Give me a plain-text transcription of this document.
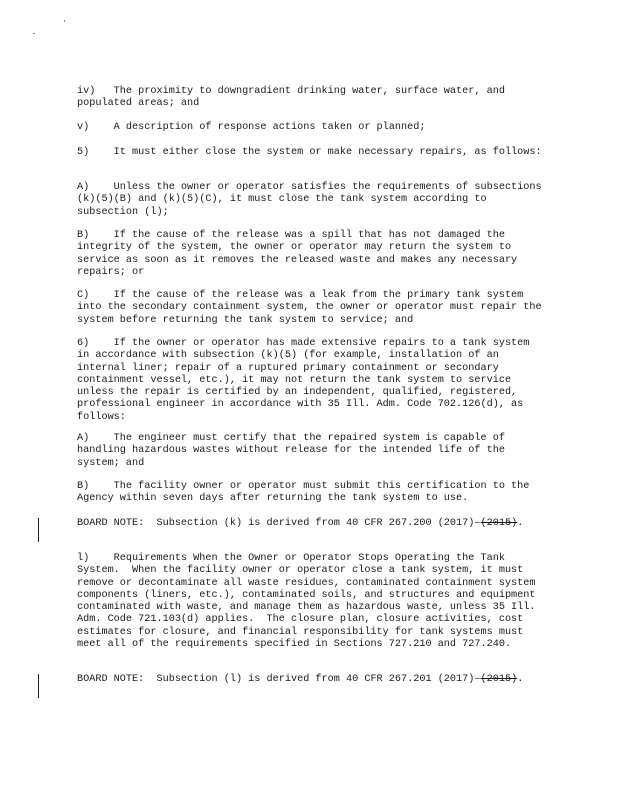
iv)   The proximity to downgradient drinking water, surface water, and populated areas; and

v)    A description of response actions taken or planned;

5)    It must either close the system or make necessary repairs, as follows:

A)    Unless the owner or operator satisfies the requirements of subsections (k)(5)(B) and (k)(5)(C), it must close the tank system according to subsection (l);

B)    If the cause of the release was a spill that has not damaged the integrity of the system, the owner or operator may return the system to service as soon as it removes the released waste and makes any necessary repairs; or

C)    If the cause of the release was a leak from the primary tank system into the secondary containment system, the owner or operator must repair the system before returning the tank system to service; and

6)    If the owner or operator has made extensive repairs to a tank system in accordance with subsection (k)(5) (for example, installation of an internal liner; repair of a ruptured primary containment or secondary containment vessel, etc.), it may not return the tank system to service unless the repair is certified by an independent, qualified, registered, professional engineer in accordance with 35 Ill. Adm. Code 702.126(d), as follows:

A)    The engineer must certify that the repaired system is capable of handling hazardous wastes without release for the intended life of the system; and

B)    The facility owner or operator must submit this certification to the Agency within seven days after returning the tank system to use.

BOARD NOTE:  Subsection (k) is derived from 40 CFR 267.200 (2017)–(2015).

l)    Requirements When the Owner or Operator Stops Operating the Tank System.  When the facility owner or operator close a tank system, it must remove or decontaminate all waste residues, contaminated containment system components (liners, etc.), contaminated soils, and structures and equipment contaminated with waste, and manage them as hazardous waste, unless 35 Ill. Adm. Code 721.103(d) applies.  The closure plan, closure activities, cost estimates for closure, and financial responsibility for tank systems must meet all of the requirements specified in Sections 727.210 and 727.240.

BOARD NOTE:  Subsection (l) is derived from 40 CFR 267.201 (2017)–(2015).
